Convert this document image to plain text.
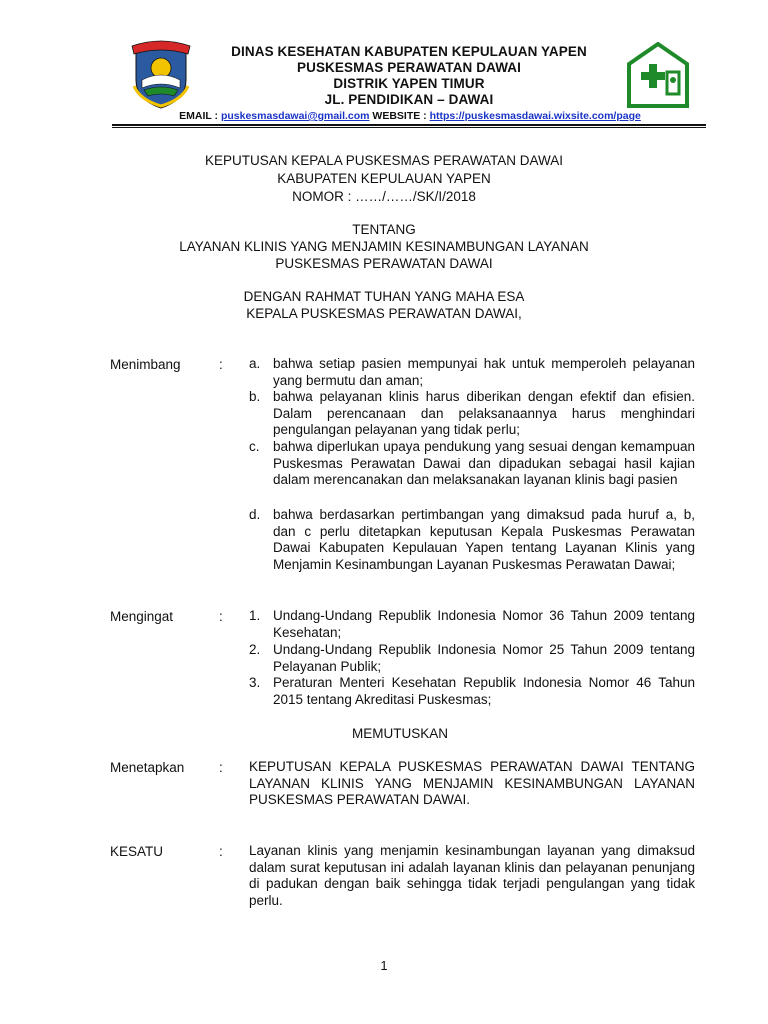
DINAS KESEHATAN KABUPATEN KEPULAUAN YAPEN
PUSKESMAS PERAWATAN DAWAI
DISTRIK YAPEN TIMUR
JL. PENDIDIKAN – DAWAI
EMAIL : puskesmasdawai@gmail.com WEBSITE : https://puskesmasdawai.wixsite.com/page
KEPUTUSAN KEPALA PUSKESMAS PERAWATAN DAWAI
KABUPATEN KEPULAUAN YAPEN
NOMOR : ……/……/SK/I/2018
TENTANG
LAYANAN KLINIS YANG MENJAMIN KESINAMBUNGAN LAYANAN
PUSKESMAS PERAWATAN DAWAI
DENGAN RAHMAT TUHAN YANG MAHA ESA
KEPALA PUSKESMAS PERAWATAN DAWAI,
Menimbang	: a. bahwa setiap pasien mempunyai hak untuk memperoleh pelayanan yang bermutu dan aman;
b. bahwa pelayanan klinis harus diberikan dengan efektif dan efisien. Dalam perencanaan dan pelaksanaannya harus menghindari pengulangan pelayanan yang tidak perlu;
c. bahwa diperlukan upaya pendukung yang sesuai dengan kemampuan Puskesmas Perawatan Dawai dan dipadukan sebagai hasil kajian dalam merencanakan dan melaksanakan layanan klinis bagi pasien
d. bahwa berdasarkan pertimbangan yang dimaksud pada huruf a, b, dan c perlu ditetapkan keputusan Kepala Puskesmas Perawatan Dawai Kabupaten Kepulauan Yapen tentang Layanan Klinis yang Menjamin Kesinambungan Layanan Puskesmas Perawatan Dawai;
Mengingat	: 1. Undang-Undang Republik Indonesia Nomor 36 Tahun 2009 tentang Kesehatan;
2. Undang-Undang Republik Indonesia Nomor 25 Tahun 2009 tentang Pelayanan Publik;
3. Peraturan Menteri Kesehatan Republik Indonesia Nomor 46 Tahun 2015 tentang Akreditasi Puskesmas;
MEMUTUSKAN
Menetapkan	: KEPUTUSAN KEPALA PUSKESMAS PERAWATAN DAWAI TENTANG LAYANAN KLINIS YANG MENJAMIN KESINAMBUNGAN LAYANAN PUSKESMAS PERAWATAN DAWAI.
KESATU	: Layanan klinis yang menjamin kesinambungan layanan yang dimaksud dalam surat keputusan ini adalah layanan klinis dan pelayanan penunjang di padukan dengan baik sehingga tidak terjadi pengulangan yang tidak perlu.
1
